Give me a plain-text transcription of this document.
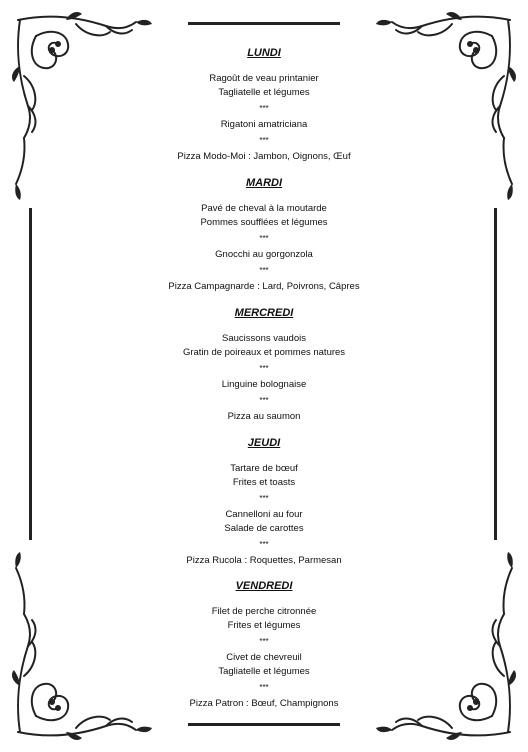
LUNDI
Ragoût de veau printanier
Tagliatelle et légumes
***
Rigatoni amatriciana
***
Pizza Modo-Moi : Jambon, Oignons, Œuf
MARDI
Pavé de cheval à la moutarde
Pommes soufflées et légumes
***
Gnocchi au gorgonzola
***
Pizza Campagnarde : Lard, Poivrons, Câpres
MERCREDI
Saucissons vaudois
Gratin de poireaux et pommes natures
***
Linguine bolognaise
***
Pizza au saumon
JEUDI
Tartare de bœuf
Frites et toasts
***
Cannelloni au four
Salade de carottes
***
Pizza Rucola : Roquettes, Parmesan
VENDREDI
Filet de perche citronnée
Frites et légumes
***
Civet de chevreuil
Tagliatelle et légumes
***
Pizza Patron : Bœuf, Champignons
